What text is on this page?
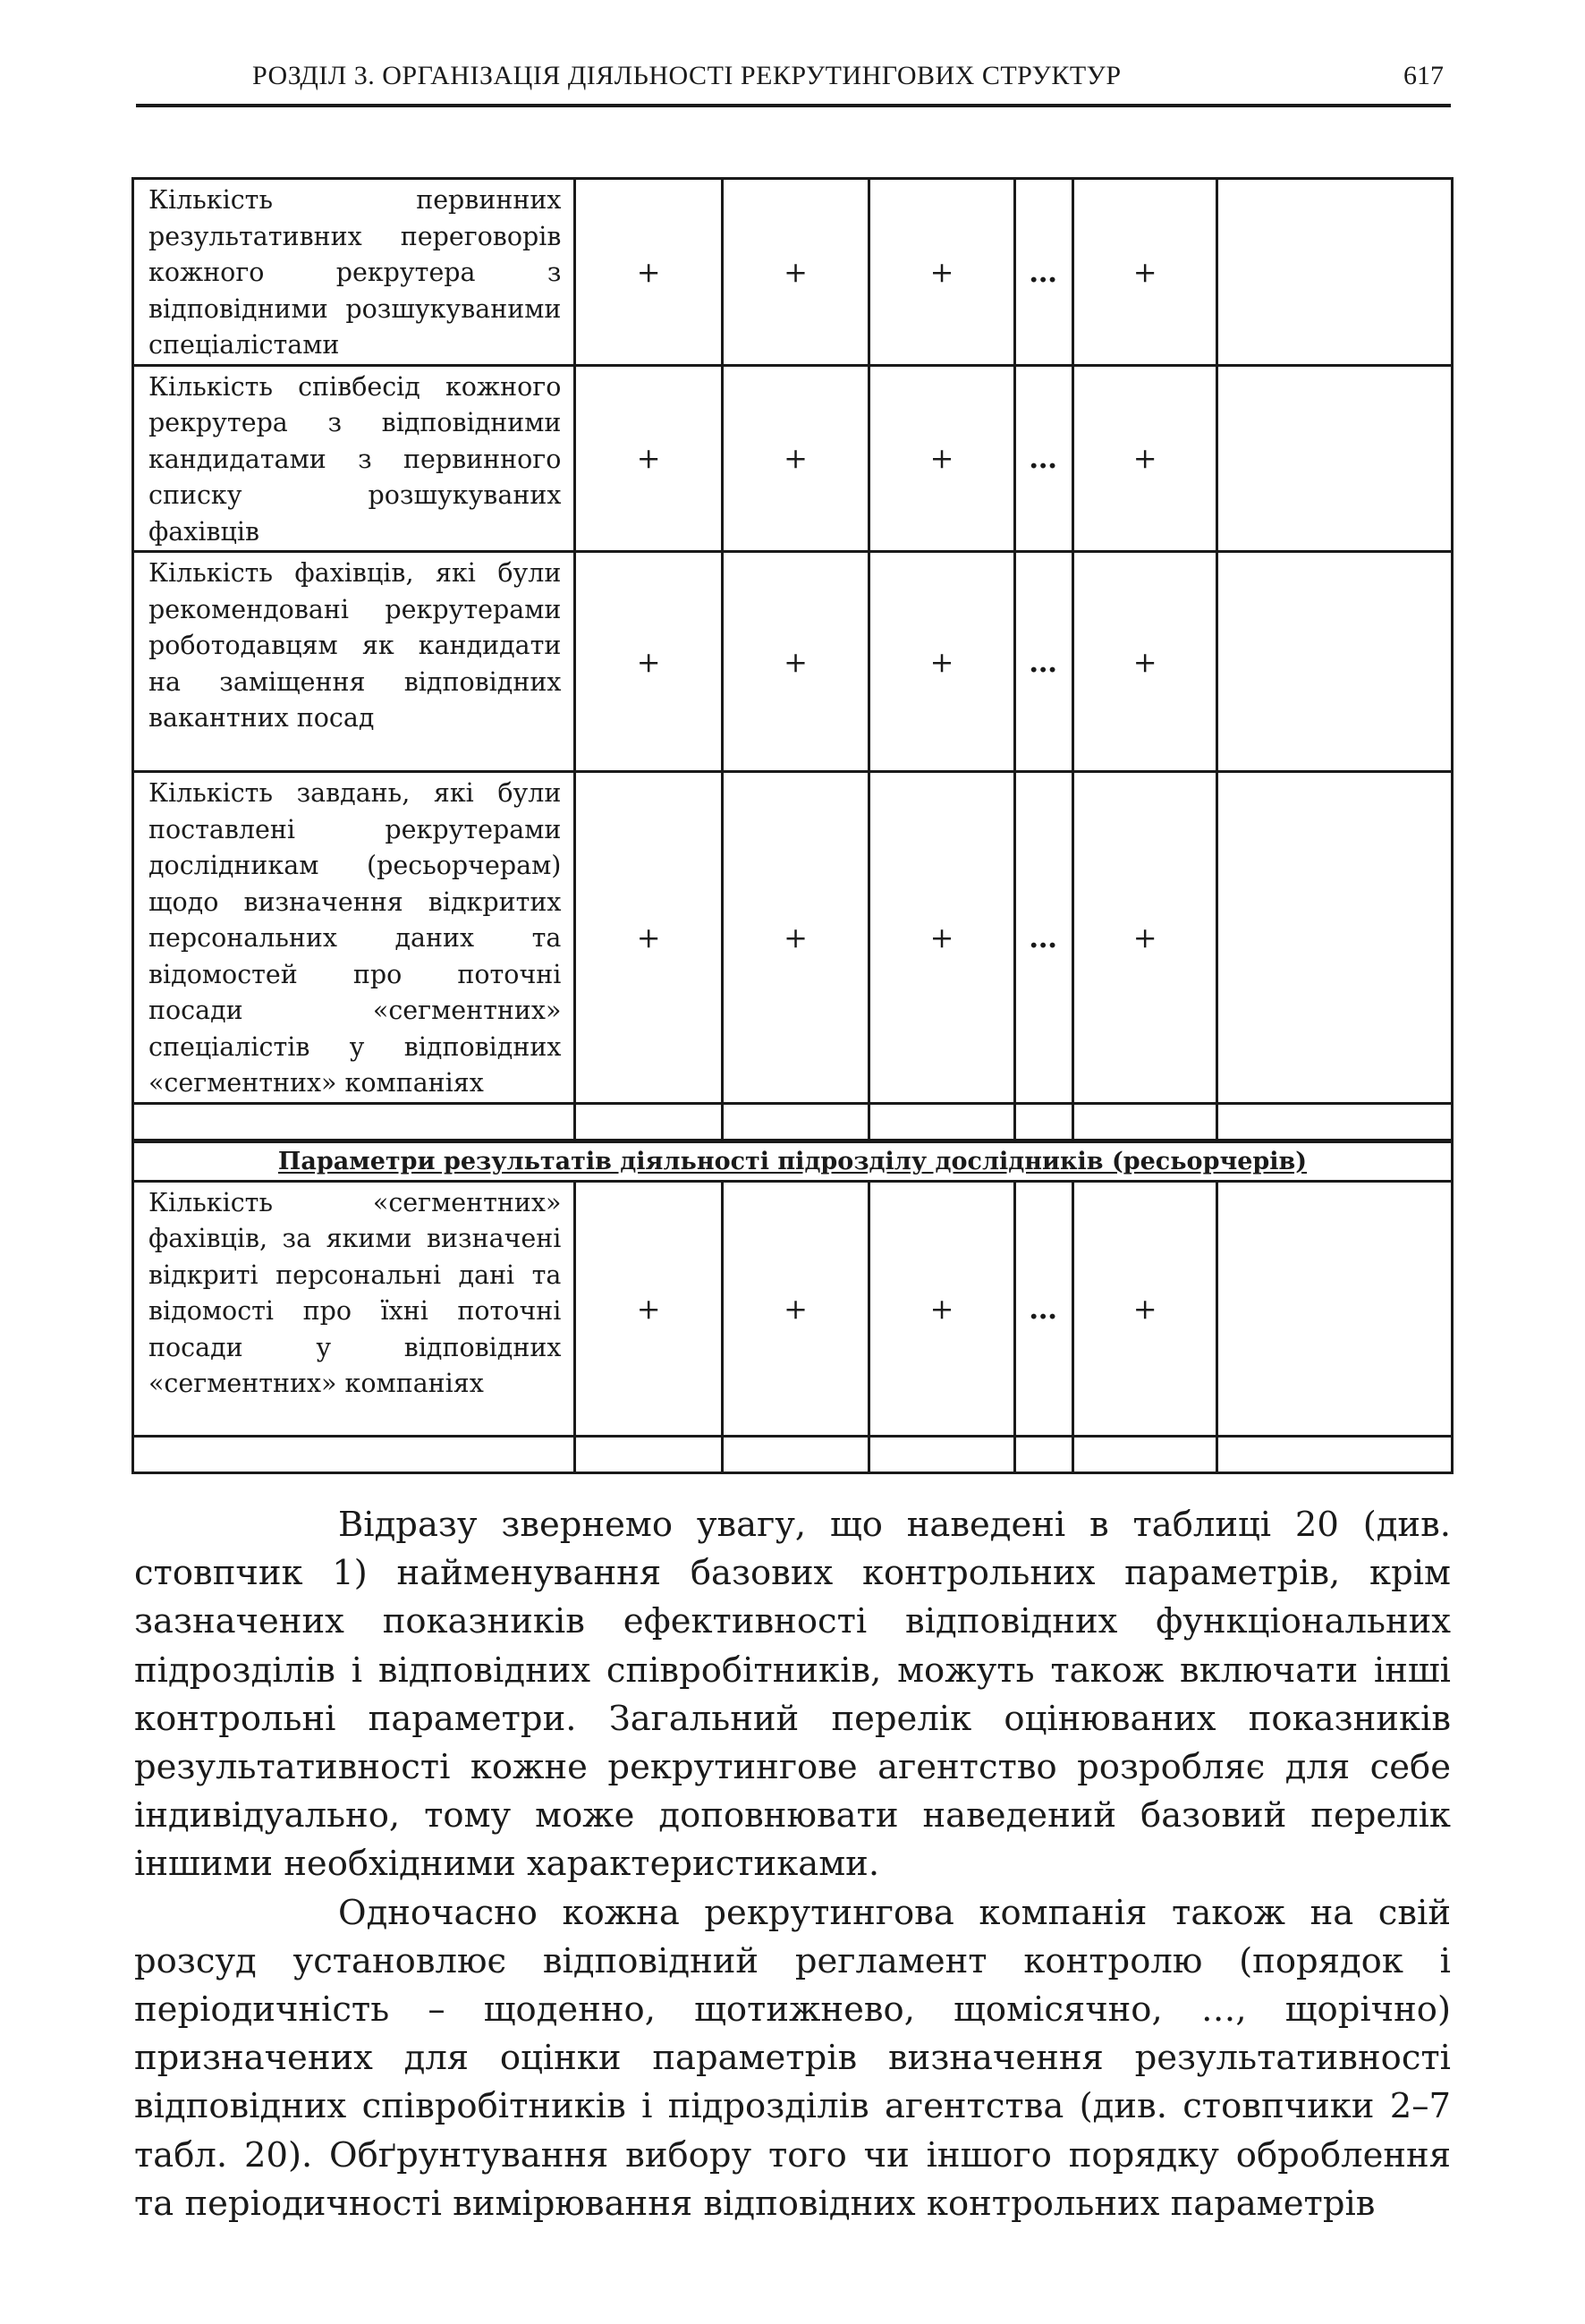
РОЗДІЛ 3. ОРГАНІЗАЦІЯ ДІЯЛЬНОСТІ РЕКРУТИНГОВИХ СТРУКТУР	617
Кількість первинних результативних переговорів кожного рекрутера з відповідними розшукуваними спеціалістами	+	+	+	…	+	
Кількість співбесід кожного рекрутера з відповідними кандидатами з первинного списку розшукуваних фахівців	+	+	+	…	+	
Кількість фахівців, які були рекомендовані рекрутерами роботодавцям як кандидати на заміщення відповідних вакантних посад	+	+	+	…	+	
Кількість завдань, які були поставлені рекрутерами дослідникам (ресьорчерам) щодо визначення відкритих персональних даних та відомостей про поточні посади «сегментних» спеціалістів у відповідних «сегментних» компаніях	+	+	+	…	+	

Параметри результатів діяльності підрозділу дослідників (ресьорчерів)						
Кількість «сегментних» фахівців, за якими визначені відкриті персональні дані та відомості про їхні поточні посади у відповідних «сегментних» компаніях	+	+	+	…	+	

Відразу звернемо увагу, що наведені в таблиці 20 (див. стовпчик 1) найменування базових контрольних параметрів, крім зазначених показників ефективності відповідних функціональних підрозділів і відповідних співробітників, можуть також включати інші контрольні параметри. Загальний перелік оцінюваних показників результативності кожне рекрутингове агентство розробляє для себе індивідуально, тому може доповнювати наведений базовий перелік іншими необхідними характеристиками.

Одночасно кожна рекрутингова компанія також на свій розсуд установлює відповідний регламент контролю (порядок і періодичність – щоденно, щотижнево, щомісячно, …, щорічно) призначених для оцінки параметрів визначення результативності відповідних співробітників і підрозділів агентства (див. стовпчики 2–7 табл. 20). Обґрунтування вибору того чи іншого порядку оброблення та періодичності вимірювання відповідних контрольних параметрів
